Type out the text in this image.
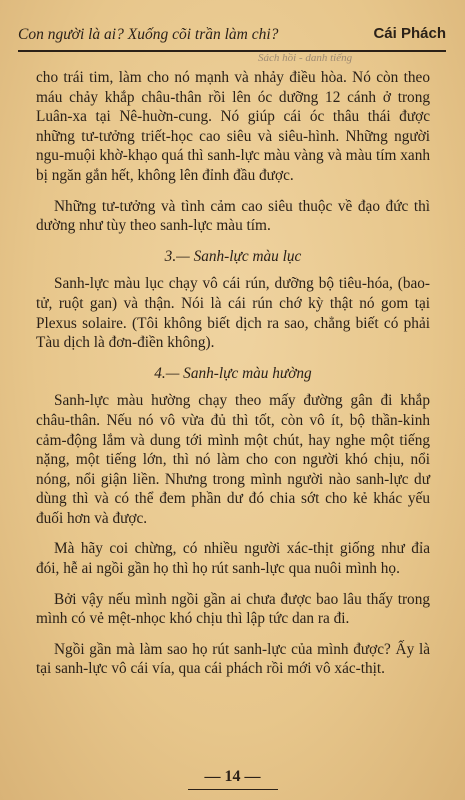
Con người là ai? Xuống cõi trần làm chi?	Cái Phách
Sách hồi - danh tiếng

cho trái tim, làm cho nó mạnh và nhảy điều hòa. Nó còn theo máu chảy khắp châu-thân rồi lên óc dưỡng 12 cánh ở trong Luân-xa tại Nê-huờn-cung. Nó giúp cái óc thâu thái được những tư-tưởng triết-học cao siêu và siêu-hình. Những người ngu-muội khờ-khạo quá thì sanh-lực màu vàng và màu tím xanh bị ngăn gắn hết, không lên đỉnh đầu được.

Những tư-tưởng và tình cảm cao siêu thuộc về đạo đức thì dường như tùy theo sanh-lực màu tím.

3.— Sanh-lực màu lục

Sanh-lực màu lục chạy vô cái rún, dưỡng bộ tiêu-hóa, (bao-tử, ruột gan) và thận. Nói là cái rún chớ kỳ thật nó gom tại Plexus solaire. (Tôi không biết dịch ra sao, chẳng biết có phải Tàu dịch là đơn-điền không).

4.— Sanh-lực màu hường

Sanh-lực màu hường chạy theo mấy đường gân đi khắp châu-thân. Nếu nó vô vừa đủ thì tốt, còn vô ít, bộ thần-kinh cảm-động lắm và dung tới mình một chút, hay nghe một tiếng nặng, một tiếng lớn, thì nó làm cho con người khó chịu, nổi nóng, nổi giận liền. Nhưng trong mình người nào sanh-lực dư dùng thì và có thể đem phần dư đó chia sớt cho kẻ khác yếu đuối hơn và được.

Mà hãy coi chừng, có nhiều người xác-thịt giống như đỉa đói, hễ ai ngồi gần họ thì họ rút sanh-lực qua nuôi mình họ.

Bởi vậy nếu mình ngồi gần ai chưa được bao lâu thấy trong mình có vẻ mệt-nhọc khó chịu thì lập tức dan ra đi.

Ngồi gần mà làm sao họ rút sanh-lực của mình được? Ấy là tại sanh-lực vô cái vía, qua cái phách rồi mới vô xác-thịt.

— 14 —
